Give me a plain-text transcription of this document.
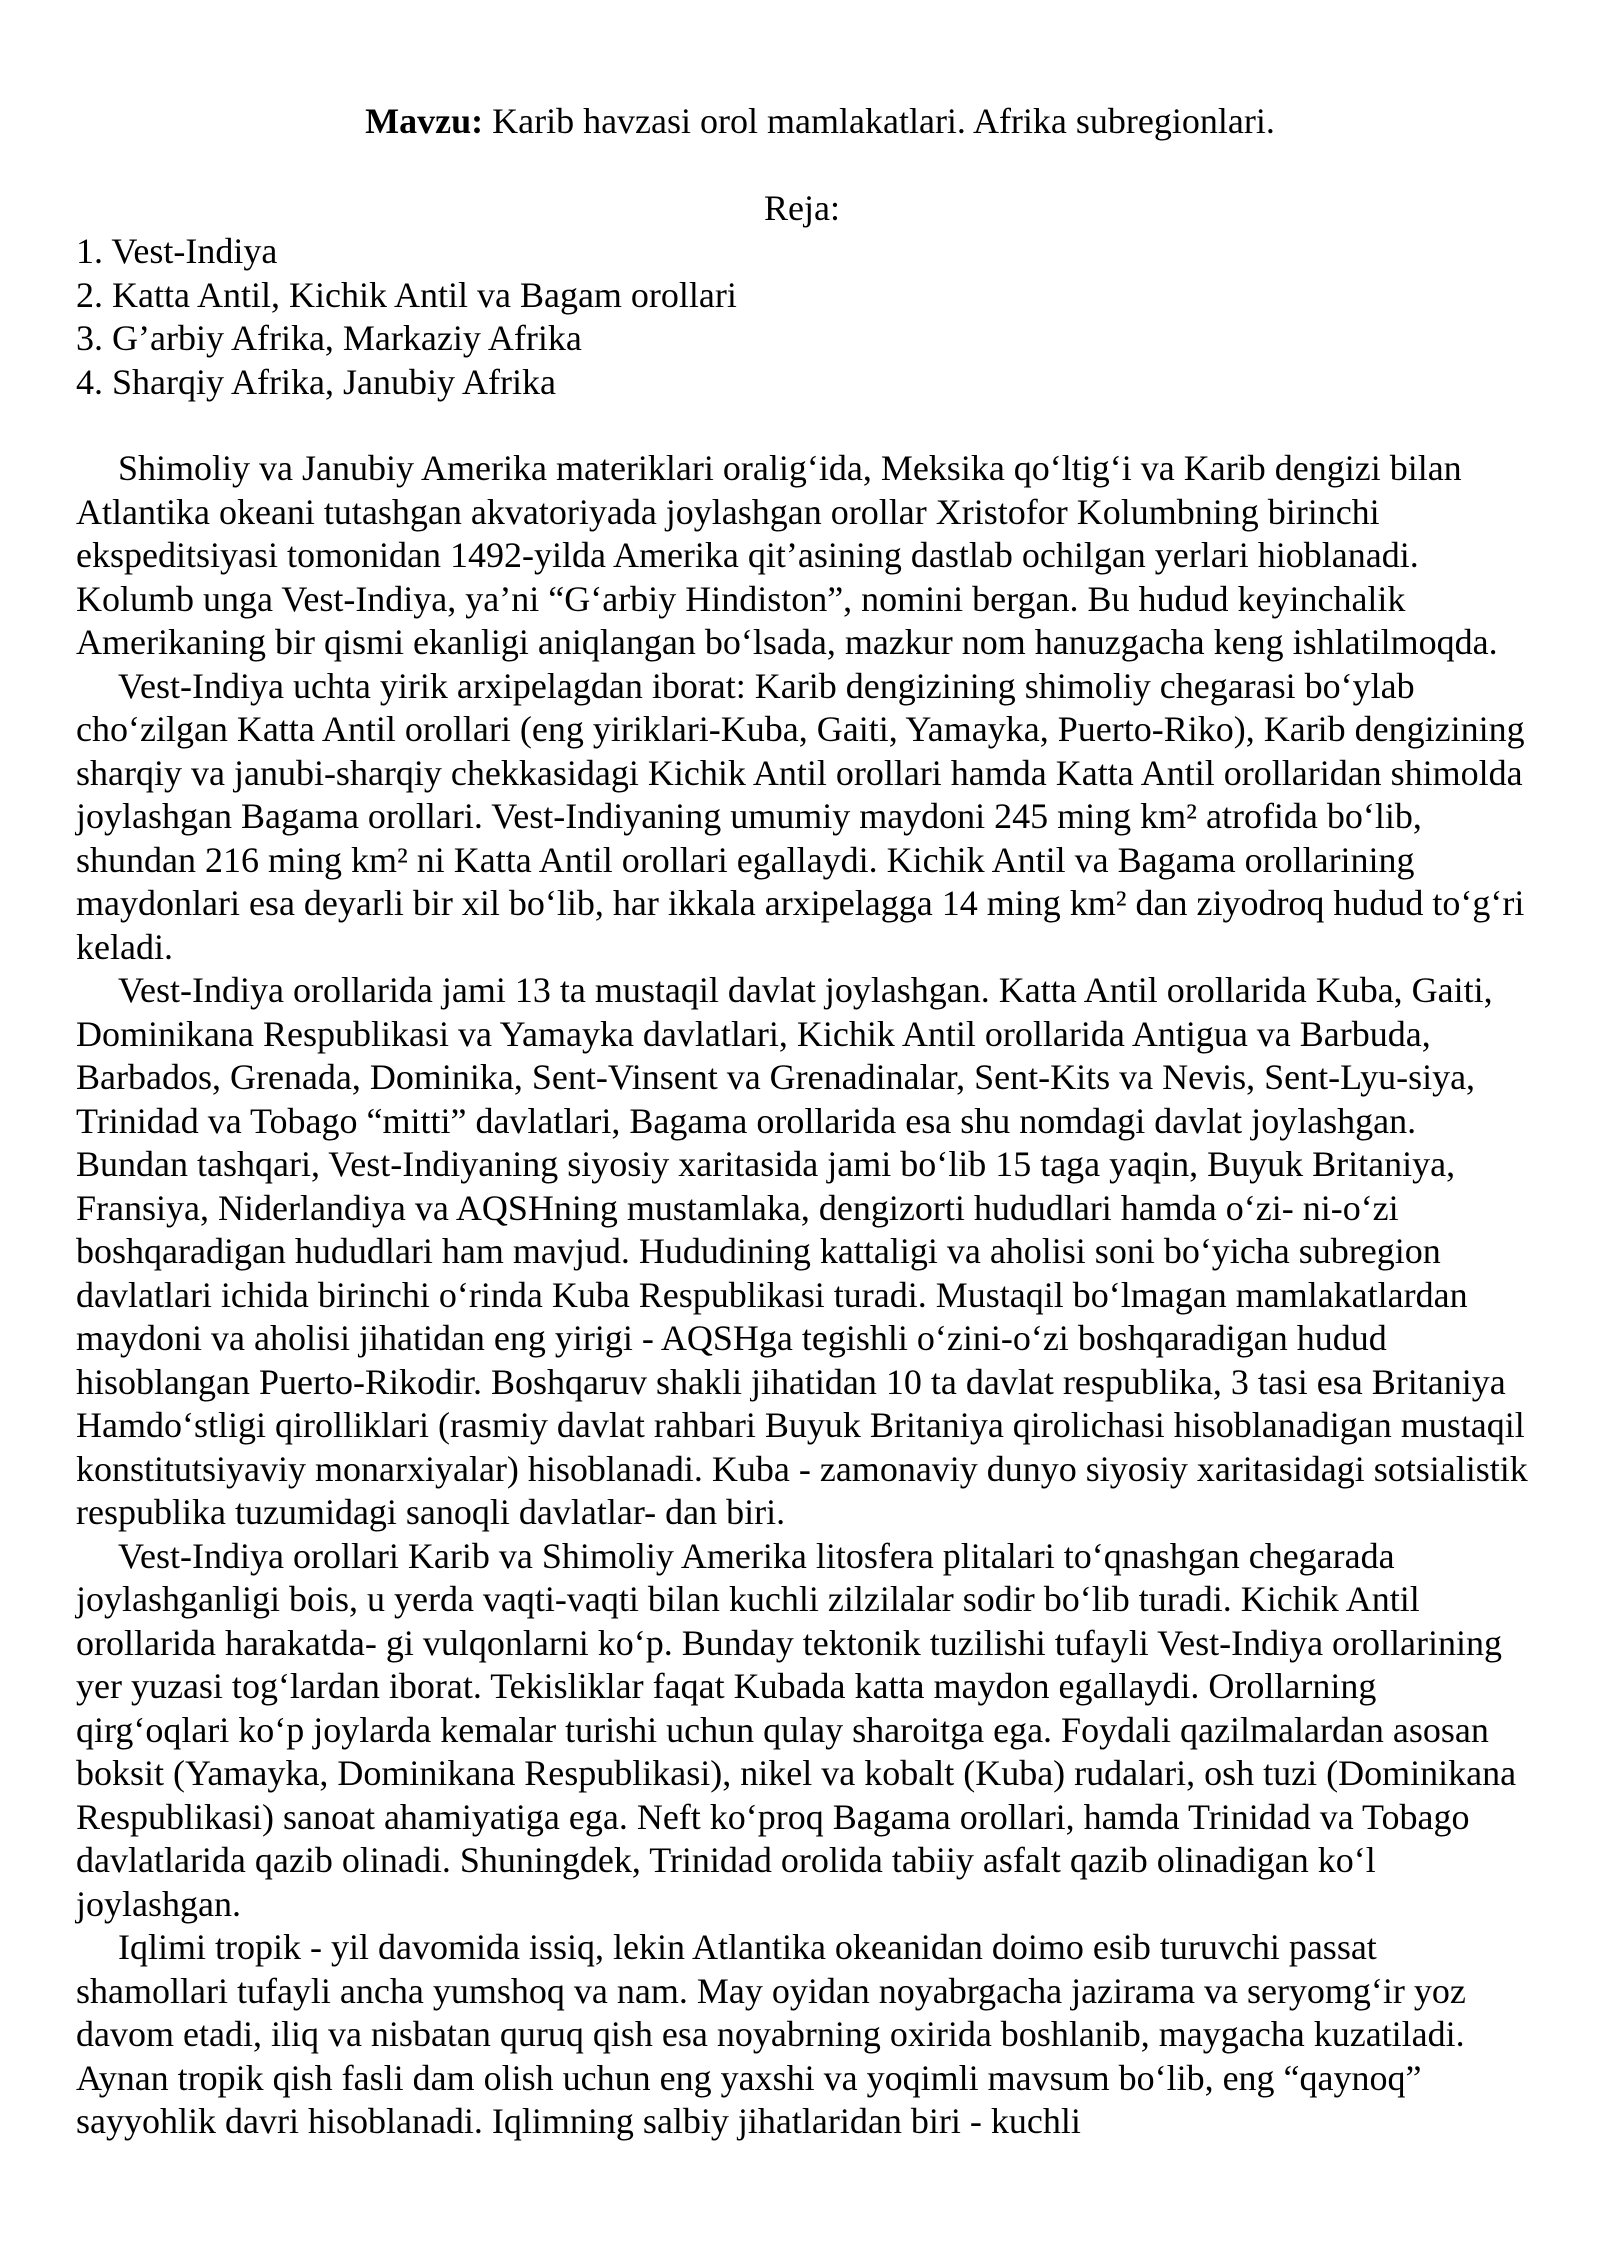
Mavzu: Karib havzasi orol mamlakatlari. Afrika subregionlari.

Reja:
1. Vest-Indiya
2. Katta Antil, Kichik Antil va Bagam orollari
3. G’arbiy Afrika, Markaziy Afrika
4. Sharqiy Afrika, Janubiy Afrika

Shimoliy va Janubiy Amerika materiklari oraligʻida, Meksika qoʻltigʻi va Karib dengizi bilan Atlantika okeani tutashgan akvatoriyada joylashgan orollar Xristofor Kolumbning birinchi ekspeditsiyasi tomonidan 1492-yilda Amerika qit’asining dastlab ochilgan yerlari hioblanadi. Kolumb unga Vest-Indiya, ya’ni “Gʻarbiy Hindiston”, nomini bergan. Bu hudud keyinchalik Amerikaning bir qismi ekanligi aniqlangan boʻlsada, mazkur nom hanuzgacha keng ishlatilmoqda.

Vest-Indiya uchta yirik arxipelagdan iborat: Karib dengizining shimoliy chegarasi boʻylab choʻzilgan Katta Antil orollari (eng yiriklari-Kuba, Gaiti, Yamayka, Puerto-Riko), Karib dengizining sharqiy va janubi-sharqiy chekkasidagi Kichik Antil orollari hamda Katta Antil orollaridan shimolda joylashgan Bagama orollari. Vest-Indiyaning umumiy maydoni 245 ming km² atrofida boʻlib, shundan 216 ming km² ni Katta Antil orollari egallaydi. Kichik Antil va Bagama orollarining maydonlari esa deyarli bir xil boʻlib, har ikkala arxipelagga 14 ming km² dan ziyodroq hudud toʻgʻri keladi.

Vest-Indiya orollarida jami 13 ta mustaqil davlat joylashgan. Katta Antil orollarida Kuba, Gaiti, Dominikana Respublikasi va Yamayka davlatlari, Kichik Antil orollarida Antigua va Barbuda, Barbados, Grenada, Dominika, Sent-Vinsent va Grenadinalar, Sent-Kits va Nevis, Sent-Lyu-siya, Trinidad va Tobago “mitti” davlatlari, Bagama orollarida esa shu nomdagi davlat joylashgan. Bundan tashqari, Vest-Indiyaning siyosiy xaritasida jami boʻlib 15 taga yaqin, Buyuk Britaniya, Fransiya, Niderlandiya va AQSHning mustamlaka, dengizorti hududlari hamda oʻzi- ni-oʻzi boshqaradigan hududlari ham mavjud. Hududining kattaligi va aholisi soni boʻyicha subregion davlatlari ichida birinchi oʻrinda Kuba Respublikasi turadi. Mustaqil boʻlmagan mamlakatlardan maydoni va aholisi jihatidan eng yirigi - AQSHga tegishli oʻzini-oʻzi boshqaradigan hudud hisoblangan Puerto-Rikodir. Boshqaruv shakli jihatidan 10 ta davlat respublika, 3 tasi esa Britaniya Hamdoʻstligi qirolliklari (rasmiy davlat rahbari Buyuk Britaniya qirolichasi hisoblanadigan mustaqil konstitutsiyaviy monarxiyalar) hisoblanadi. Kuba - zamonaviy dunyo siyosiy xaritasidagi sotsialistik respublika tuzumidagi sanoqli davlatlar- dan biri.

Vest-Indiya orollari Karib va Shimoliy Amerika litosfera plitalari toʻqnashgan chegarada joylashganligi bois, u yerda vaqti-vaqti bilan kuchli zilzilalar sodir boʻlib turadi. Kichik Antil orollarida harakatda- gi vulqonlarni koʻp. Bunday tektonik tuzilishi tufayli Vest-Indiya orollarining yer yuzasi togʻlardan iborat. Tekisliklar faqat Kubada katta maydon egallaydi. Orollarning qirgʻoqlari koʻp joylarda kemalar turishi uchun qulay sharoitga ega. Foydali qazilmalardan asosan boksit (Yamayka, Dominikana Respublikasi), nikel va kobalt (Kuba) rudalari, osh tuzi (Dominikana Respublikasi) sanoat ahamiyatiga ega. Neft koʻproq Bagama orollari, hamda Trinidad va Tobago davlatlarida qazib olinadi. Shuningdek, Trinidad orolida tabiiy asfalt qazib olinadigan koʻl joylashgan.

Iqlimi tropik - yil davomida issiq, lekin Atlantika okeanidan doimo esib turuvchi passat shamollari tufayli ancha yumshoq va nam. May oyidan noyabrgacha jazirama va seryomgʻir yoz davom etadi, iliq va nisbatan quruq qish esa noyabrning oxirida boshlanib, maygacha kuzatiladi. Aynan tropik qish fasli dam olish uchun eng yaxshi va yoqimli mavsum boʻlib, eng “qaynoq” sayyohlik davri hisoblanadi. Iqlimning salbiy jihatlaridan biri - kuchli
